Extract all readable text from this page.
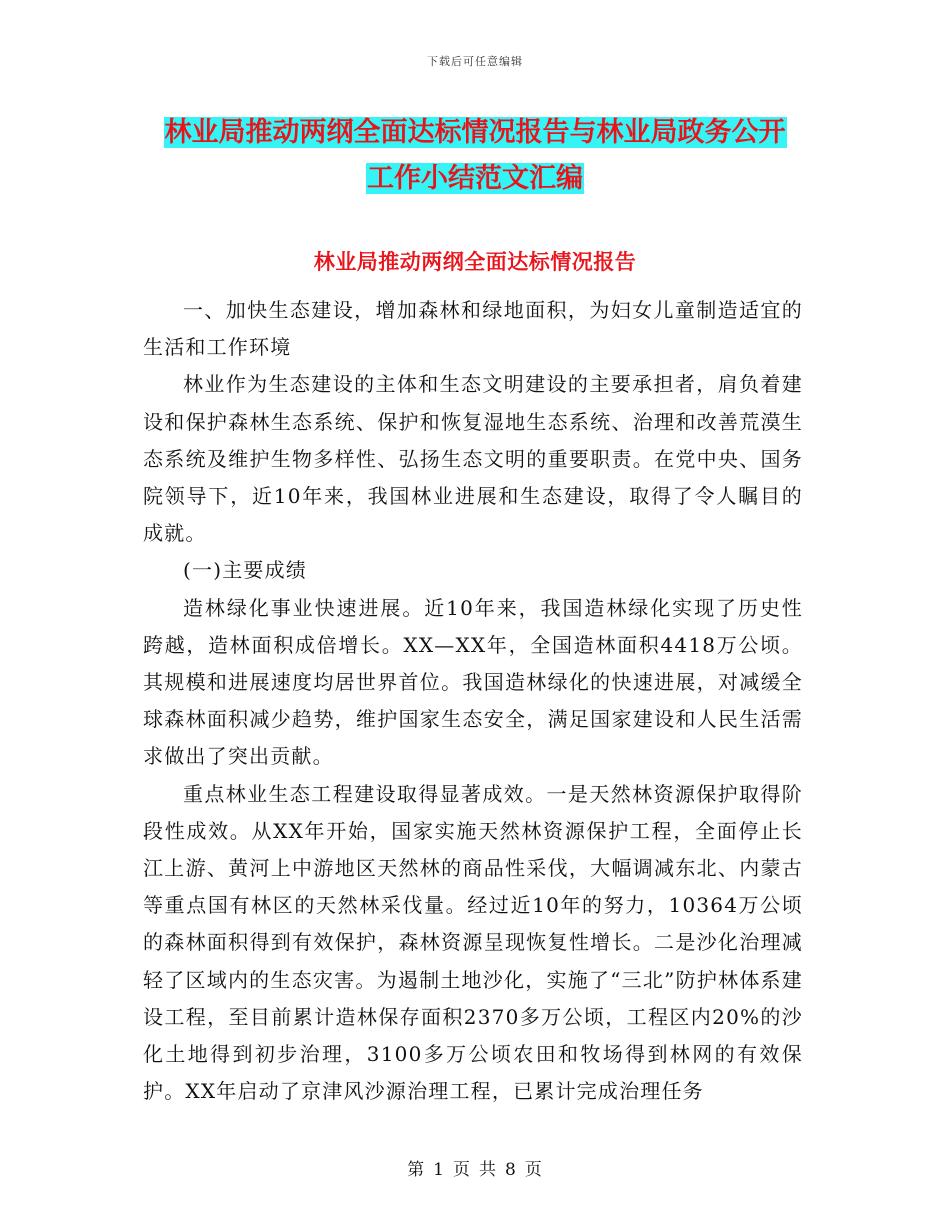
下载后可任意编辑
林业局推动两纲全面达标情况报告与林业局政务公开
工作小结范文汇编
林业局推动两纲全面达标情况报告

一、加快生态建设，增加森林和绿地面积，为妇女儿童制造适宜的生活和工作环境

林业作为生态建设的主体和生态文明建设的主要承担者，肩负着建设和保护森林生态系统、保护和恢复湿地生态系统、治理和改善荒漠生态系统及维护生物多样性、弘扬生态文明的重要职责。在党中央、国务院领导下，近10年来，我国林业进展和生态建设，取得了令人瞩目的成就。

(一)主要成绩

造林绿化事业快速进展。近10年来，我国造林绿化实现了历史性跨越，造林面积成倍增长。XX—XX年，全国造林面积4418万公顷。其规模和进展速度均居世界首位。我国造林绿化的快速进展，对减缓全球森林面积减少趋势，维护国家生态安全，满足国家建设和人民生活需求做出了突出贡献。

重点林业生态工程建设取得显著成效。一是天然林资源保护取得阶段性成效。从XX年开始，国家实施天然林资源保护工程，全面停止长江上游、黄河上中游地区天然林的商品性采伐，大幅调减东北、内蒙古等重点国有林区的天然林采伐量。经过近10年的努力，10364万公顷的森林面积得到有效保护，森林资源呈现恢复性增长。二是沙化治理减轻了区域内的生态灾害。为遏制土地沙化，实施了“三北”防护林体系建设工程，至目前累计造林保存面积2370多万公顷，工程区内20%的沙化土地得到初步治理，3100多万公顷农田和牧场得到林网的有效保护。XX年启动了京津风沙源治理工程，已累计完成治理任务

第 1 页 共 8 页
